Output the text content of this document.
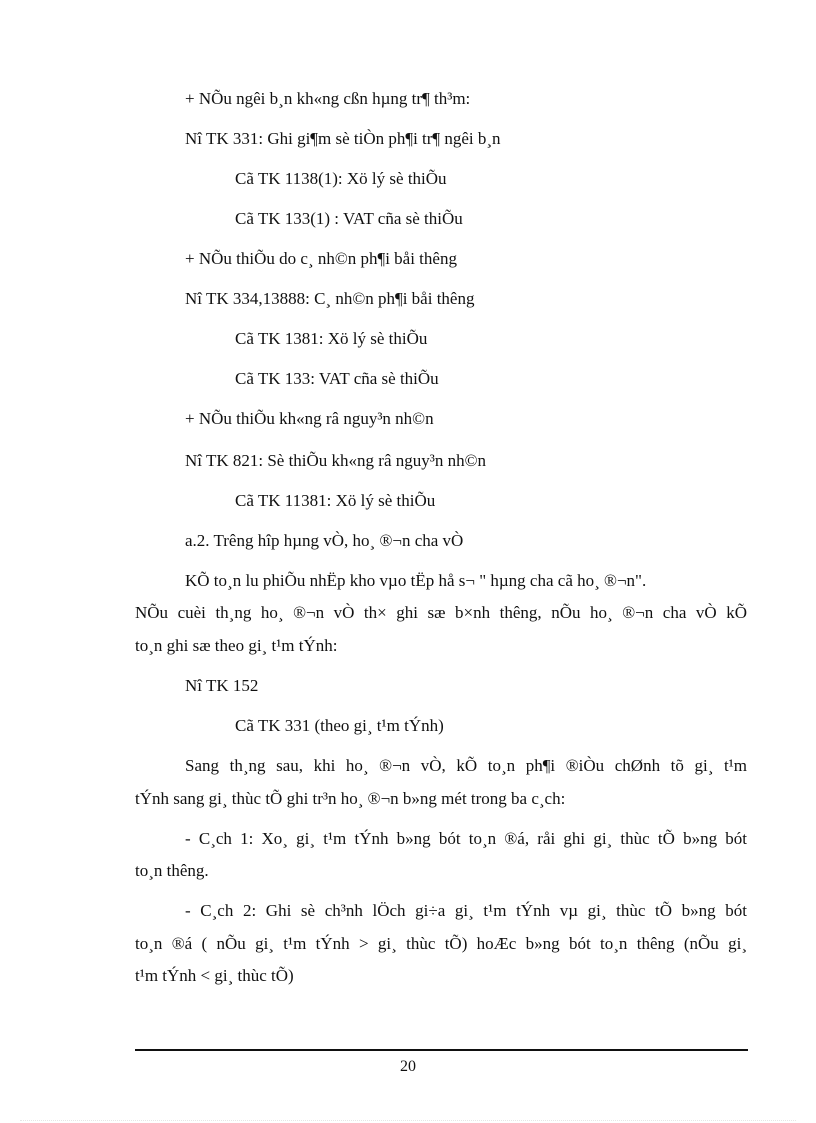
+ NÕu ngêi b¸n kh«ng cßn hµng tr¶ th³m:
Nî TK 331: Ghi gi¶m sè tiÒn ph¶i tr¶ ngêi b¸n
Cã TK 1138(1): Xö lý sè thiÕu
Cã TK 133(1) : VAT cña sè thiÕu
+ NÕu thiÕu do c¸ nh©n ph¶i båi thêng
Nî TK 334,13888: C¸ nh©n ph¶i båi thêng
Cã TK 1381: Xö lý sè thiÕu
Cã TK 133: VAT cña sè thiÕu
+ NÕu thiÕu kh«ng râ nguy³n nh©n
Nî TK 821: Sè thiÕu kh«ng râ nguy³n nh©n
Cã TK 11381: Xö lý sè thiÕu
a.2. Trêng hîp hµng vÒ, ho¸ ®¬n cha vÒ
KÕ to¸n lu phiÕu nhËp kho vµo tËp hå s¬ " hµng cha cã ho¸ ®¬n".
NÕu cuèi th¸ng ho¸ ®¬n vÒ th× ghi sæ b×nh thêng, nÕu ho¸ ®¬n cha vÒ kÕ
to¸n ghi sæ theo gi¸ t¹m tÝnh:
Nî TK 152
Cã TK 331 (theo gi¸ t¹m tÝnh)
Sang th¸ng sau, khi ho¸ ®¬n vÒ, kÕ to¸n ph¶i ®iÒu chØnh tõ gi¸ t¹m
tÝnh sang gi¸ thùc tÕ ghi tr³n ho¸ ®¬n b»ng mét trong ba c¸ch:
- C¸ch 1: Xo¸ gi¸ t¹m tÝnh b»ng bót to¸n ®á, råi ghi gi¸ thùc tÕ b»ng bót
to¸n thêng.
- C¸ch 2: Ghi sè ch³nh lÖch gi÷a gi¸ t¹m tÝnh vµ gi¸ thùc tÕ b»ng bót
to¸n ®á ( nÕu gi¸ t¹m tÝnh > gi¸ thùc tÕ) hoÆc b»ng bót to¸n thêng (nÕu gi¸
t¹m tÝnh < gi¸ thùc tÕ)
20
